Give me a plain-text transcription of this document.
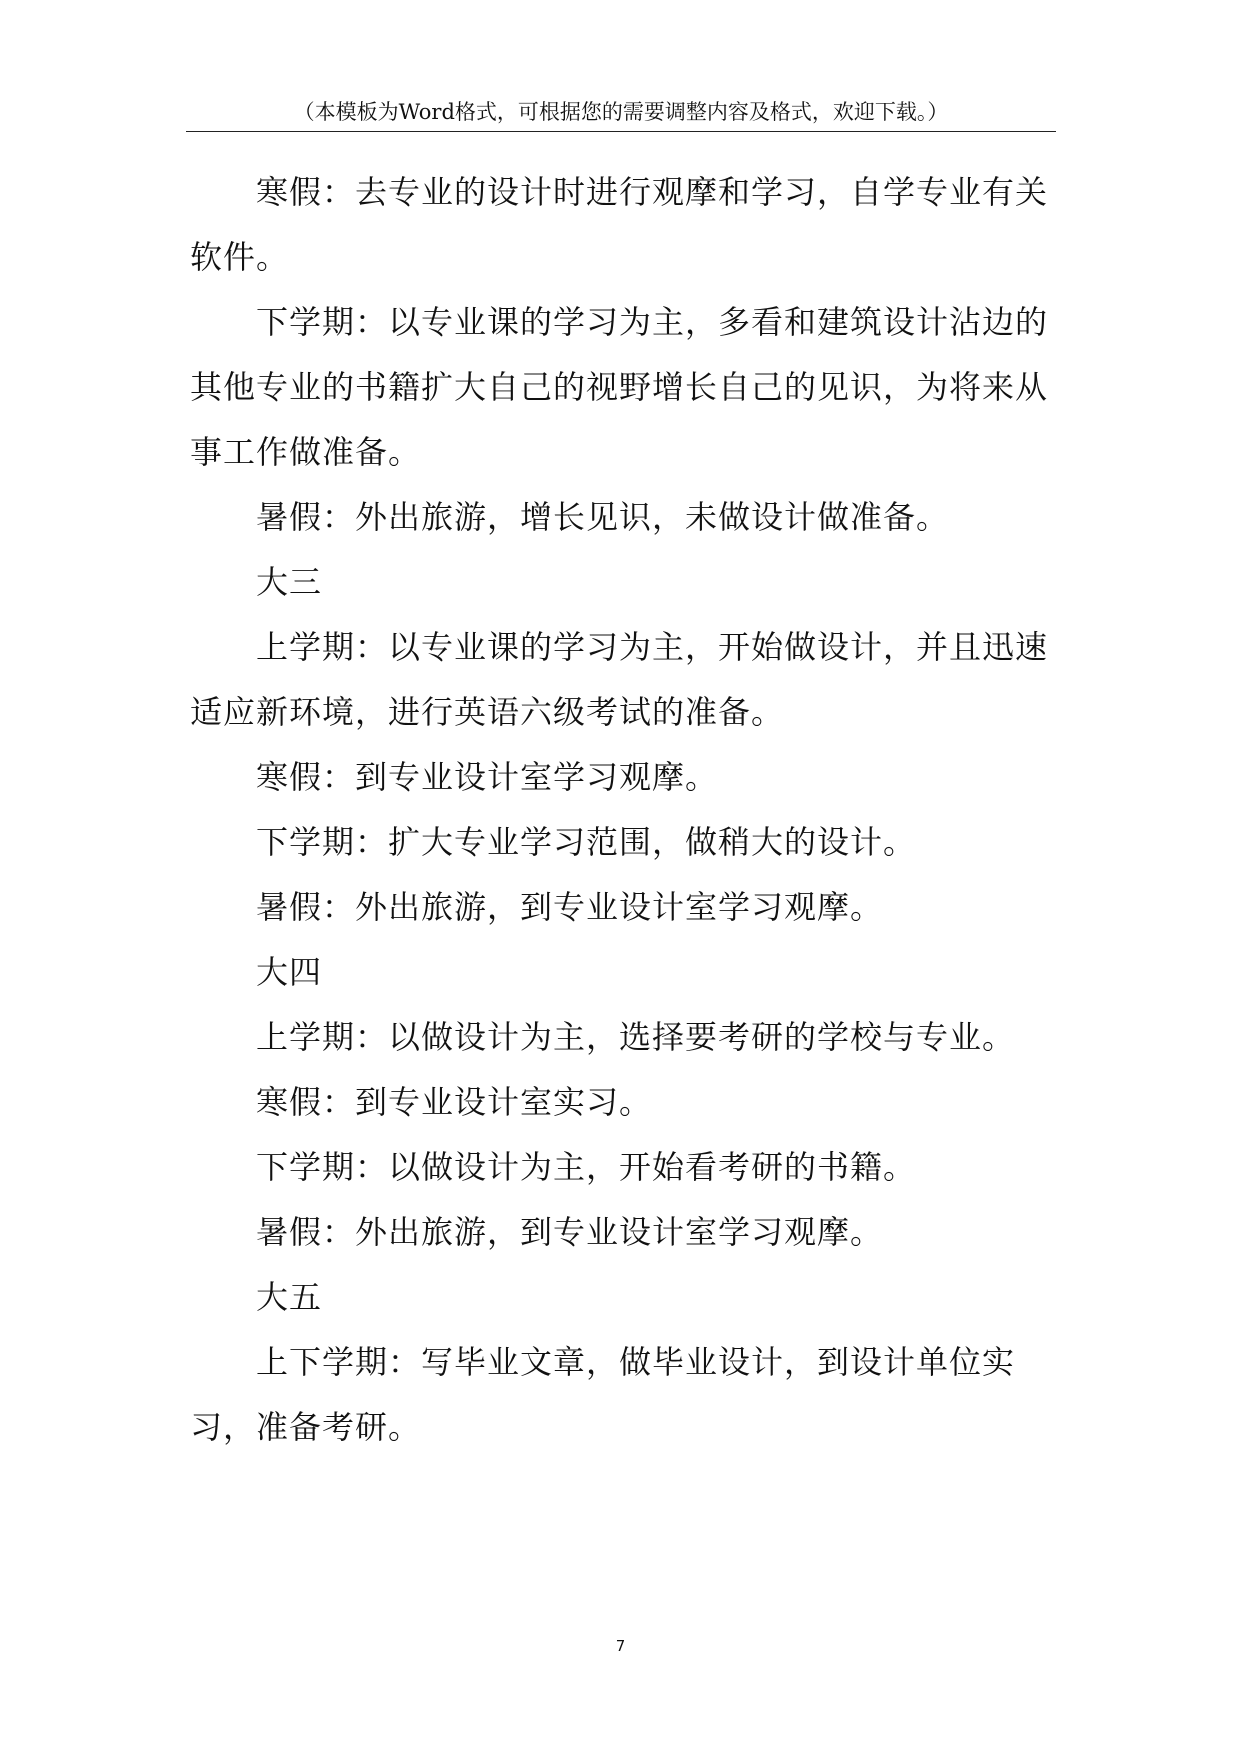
（本模板为Word格式，可根据您的需要调整内容及格式，欢迎下载。）

寒假：去专业的设计时进行观摩和学习，自学专业有关软件。

下学期：以专业课的学习为主，多看和建筑设计沾边的其他专业的书籍扩大自己的视野增长自己的见识，为将来从事工作做准备。

暑假：外出旅游，增长见识，未做设计做准备。

大三

上学期：以专业课的学习为主，开始做设计，并且迅速适应新环境，进行英语六级考试的准备。

寒假：到专业设计室学习观摩。

下学期：扩大专业学习范围，做稍大的设计。

暑假：外出旅游，到专业设计室学习观摩。

大四

上学期：以做设计为主，选择要考研的学校与专业。

寒假：到专业设计室实习。

下学期：以做设计为主，开始看考研的书籍。

暑假：外出旅游，到专业设计室学习观摩。

大五

上下学期：写毕业文章，做毕业设计，到设计单位实习，准备考研。

7
